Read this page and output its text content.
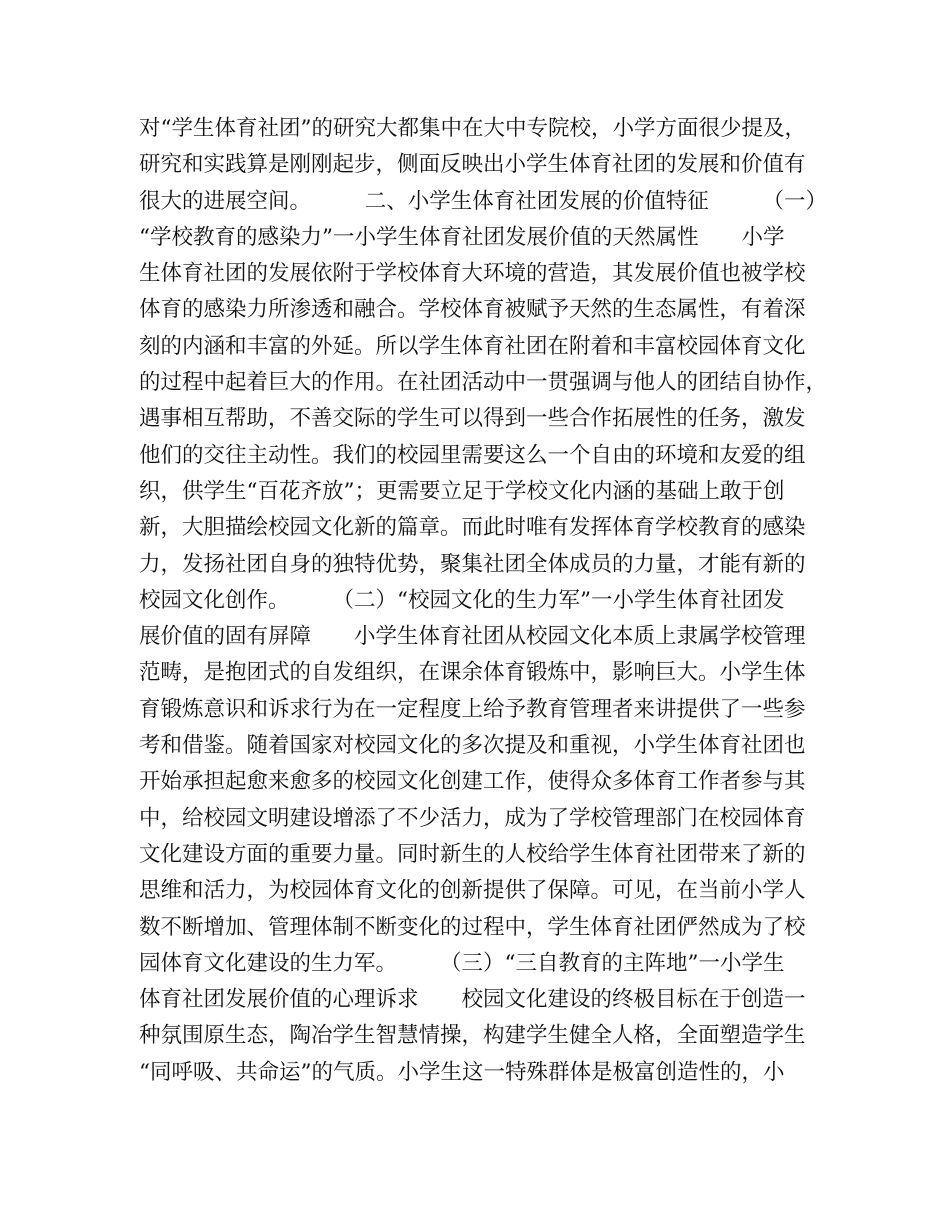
对“学生体育社团”的研究大都集中在大中专院校，小学方面很少提及，
研究和实践算是刚刚起步，侧面反映出小学生体育社团的发展和价值有
很大的进展空间。　　　二、小学生体育社团发展的价值特征　　　（一）
“学校教育的感染力”一小学生体育社团发展价值的天然属性　　小学
生体育社团的发展依附于学校体育大环境的营造，其发展价值也被学校
体育的感染力所渗透和融合。学校体育被赋予天然的生态属性，有着深
刻的内涵和丰富的外延。所以学生体育社团在附着和丰富校园体育文化
的过程中起着巨大的作用。在社团活动中一贯强调与他人的团结自协作，
遇事相互帮助，不善交际的学生可以得到一些合作拓展性的任务，激发
他们的交往主动性。我们的校园里需要这么一个自由的环境和友爱的组
织，供学生“百花齐放”；更需要立足于学校文化内涵的基础上敢于创
新，大胆描绘校园文化新的篇章。而此时唯有发挥体育学校教育的感染
力，发扬社团自身的独特优势，聚集社团全体成员的力量，才能有新的
校园文化创作。　　　（二）“校园文化的生力军”一小学生体育社团发
展价值的固有屏障　　小学生体育社团从校园文化本质上隶属学校管理
范畴，是抱团式的自发组织，在课余体育锻炼中，影响巨大。小学生体
育锻炼意识和诉求行为在一定程度上给予教育管理者来讲提供了一些参
考和借鉴。随着国家对校园文化的多次提及和重视，小学生体育社团也
开始承担起愈来愈多的校园文化创建工作，使得众多体育工作者参与其
中，给校园文明建设增添了不少活力，成为了学校管理部门在校园体育
文化建设方面的重要力量。同时新生的人校给学生体育社团带来了新的
思维和活力，为校园体育文化的创新提供了保障。可见，在当前小学人
数不断增加、管理体制不断变化的过程中，学生体育社团俨然成为了校
园体育文化建设的生力军。　　　（三）“三自教育的主阵地”一小学生
体育社团发展价值的心理诉求　　校园文化建设的终极目标在于创造一
种氛围原生态，陶冶学生智慧情操，构建学生健全人格，全面塑造学生
“同呼吸、共命运”的气质。小学生这一特殊群体是极富创造性的，小
